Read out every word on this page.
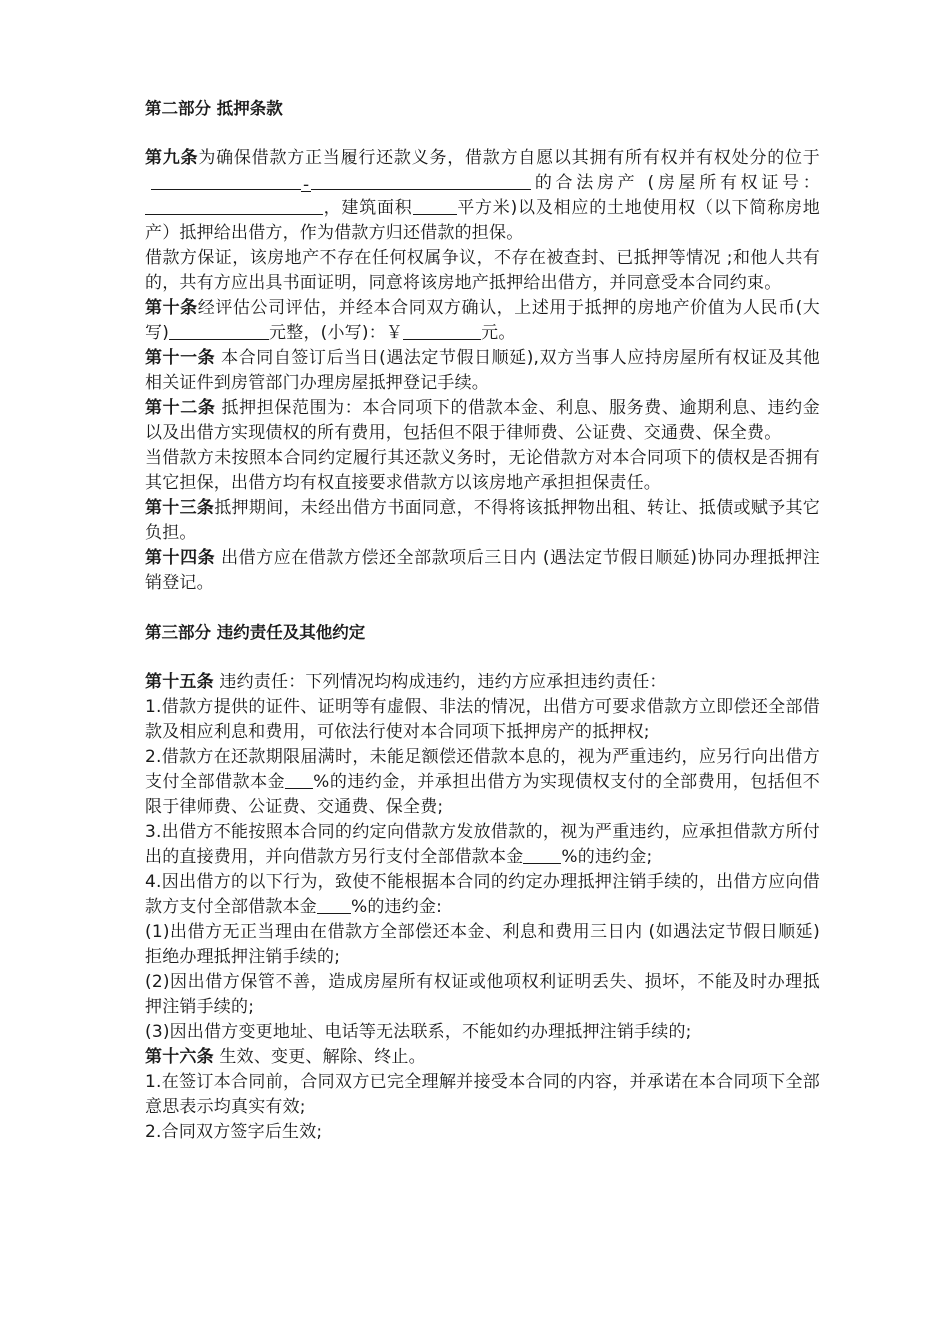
第二部分 抵押条款

第九条为确保借款方正当履行还款义务，借款方自愿以其拥有所有权并有权处分的位于-	的合法房产 (房屋所有权证号：，建筑面积	平方米)以及相应的土地使用权（以下简称房地产）抵押给出借方，作为借款方归还借款的担保。

借款方保证，该房地产不存在任何权属争议，不存在被查封、已抵押等情况 ;和他人共有的，共有方应出具书面证明，同意将该房地产抵押给出借方，并同意受本合同约束。

第十条经评估公司评估，并经本合同双方确认，上述用于抵押的房地产价值为人民币(大写)	元整，(小写)：￥	元。

第十一条 本合同自签订后当日(遇法定节假日顺延),双方当事人应持房屋所有权证及其他相关证件到房管部门办理房屋抵押登记手续。

第十二条 抵押担保范围为：本合同项下的借款本金、利息、服务费、逾期利息、违约金以及出借方实现债权的所有费用，包括但不限于律师费、公证费、交通费、保全费。

当借款方未按照本合同约定履行其还款义务时，无论借款方对本合同项下的债权是否拥有其它担保，出借方均有权直接要求借款方以该房地产承担担保责任。

第十三条抵押期间，未经出借方书面同意，不得将该抵押物出租、转让、抵债或赋予其它负担。

第十四条 出借方应在借款方偿还全部款项后三日内 (遇法定节假日顺延)协同办理抵押注销登记。

第三部分 违约责任及其他约定

第十五条 违约责任：下列情况均构成违约，违约方应承担违约责任：

1.借款方提供的证件、证明等有虚假、非法的情况，出借方可要求借款方立即偿还全部借款及相应利息和费用，可依法行使对本合同项下抵押房产的抵押权;

2.借款方在还款期限届满时，未能足额偿还借款本息的，视为严重违约，应另行向出借方支付全部借款本金 %的违约金，并承担出借方为实现债权支付的全部费用，包括但不限于律师费、公证费、交通费、保全费;

3.出借方不能按照本合同的约定向借款方发放借款的，视为严重违约，应承担借款方所付出的直接费用，并向借款方另行支付全部借款本金 %的违约金;

4.因出借方的以下行为，致使不能根据本合同的约定办理抵押注销手续的，出借方应向借款方支付全部借款本金 %的违约金:

(1)出借方无正当理由在借款方全部偿还本金、利息和费用三日内 (如遇法定节假日顺延)拒绝办理抵押注销手续的;

(2)因出借方保管不善，造成房屋所有权证或他项权利证明丢失、损坏，不能及时办理抵押注销手续的;

(3)因出借方变更地址、电话等无法联系，不能如约办理抵押注销手续的;

第十六条 生效、变更、解除、终止。

1.在签订本合同前，合同双方已完全理解并接受本合同的内容，并承诺在本合同项下全部意思表示均真实有效;

2.合同双方签字后生效;
